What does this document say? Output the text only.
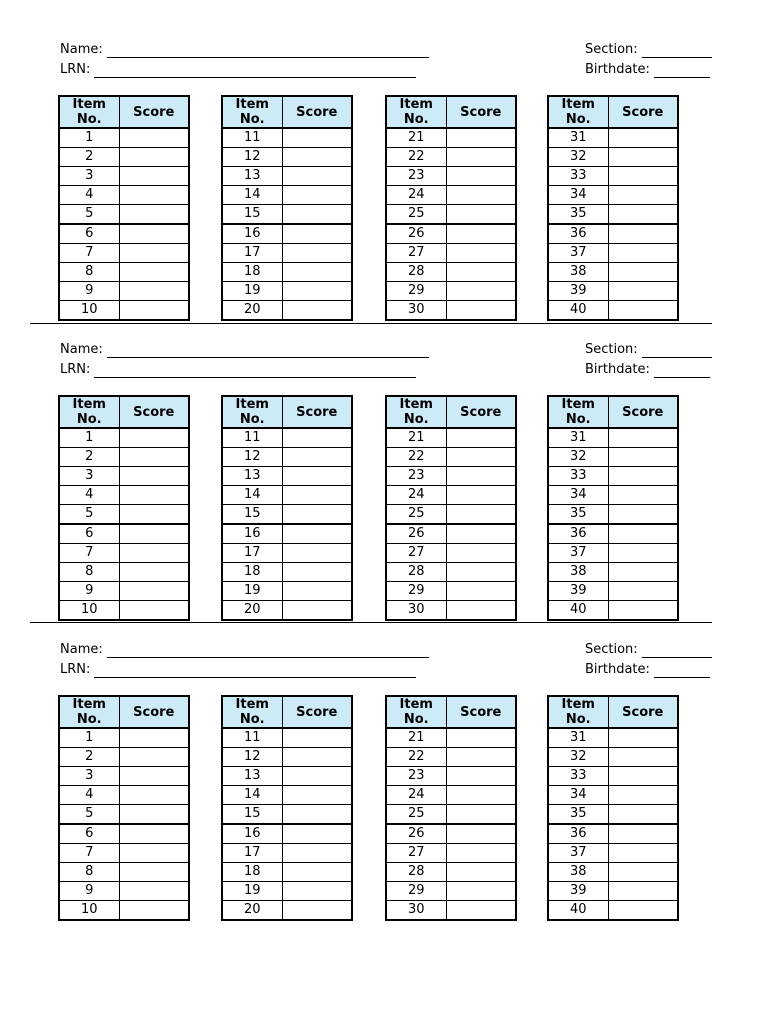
Name:
LRN:
Section:
Birthdate:
Item No.	Score
1	
2	
3	
4	
5	
6	
7	
8	
9	
10	
Item No.	Score
11	
12	
13	
14	
15	
16	
17	
18	
19	
20	
Item No.	Score
21	
22	
23	
24	
25	
26	
27	
28	
29	
30	
Item No.	Score
31	
32	
33	
34	
35	
36	
37	
38	
39	
40	
Name:
LRN:
Section:
Birthdate:
Item No.	Score
1	
2	
3	
4	
5	
6	
7	
8	
9	
10	
Item No.	Score
11	
12	
13	
14	
15	
16	
17	
18	
19	
20	
Item No.	Score
21	
22	
23	
24	
25	
26	
27	
28	
29	
30	
Item No.	Score
31	
32	
33	
34	
35	
36	
37	
38	
39	
40	
Name:
LRN:
Section:
Birthdate:
Item No.	Score
1	
2	
3	
4	
5	
6	
7	
8	
9	
10	
Item No.	Score
11	
12	
13	
14	
15	
16	
17	
18	
19	
20	
Item No.	Score
21	
22	
23	
24	
25	
26	
27	
28	
29	
30	
Item No.	Score
31	
32	
33	
34	
35	
36	
37	
38	
39	
40	
